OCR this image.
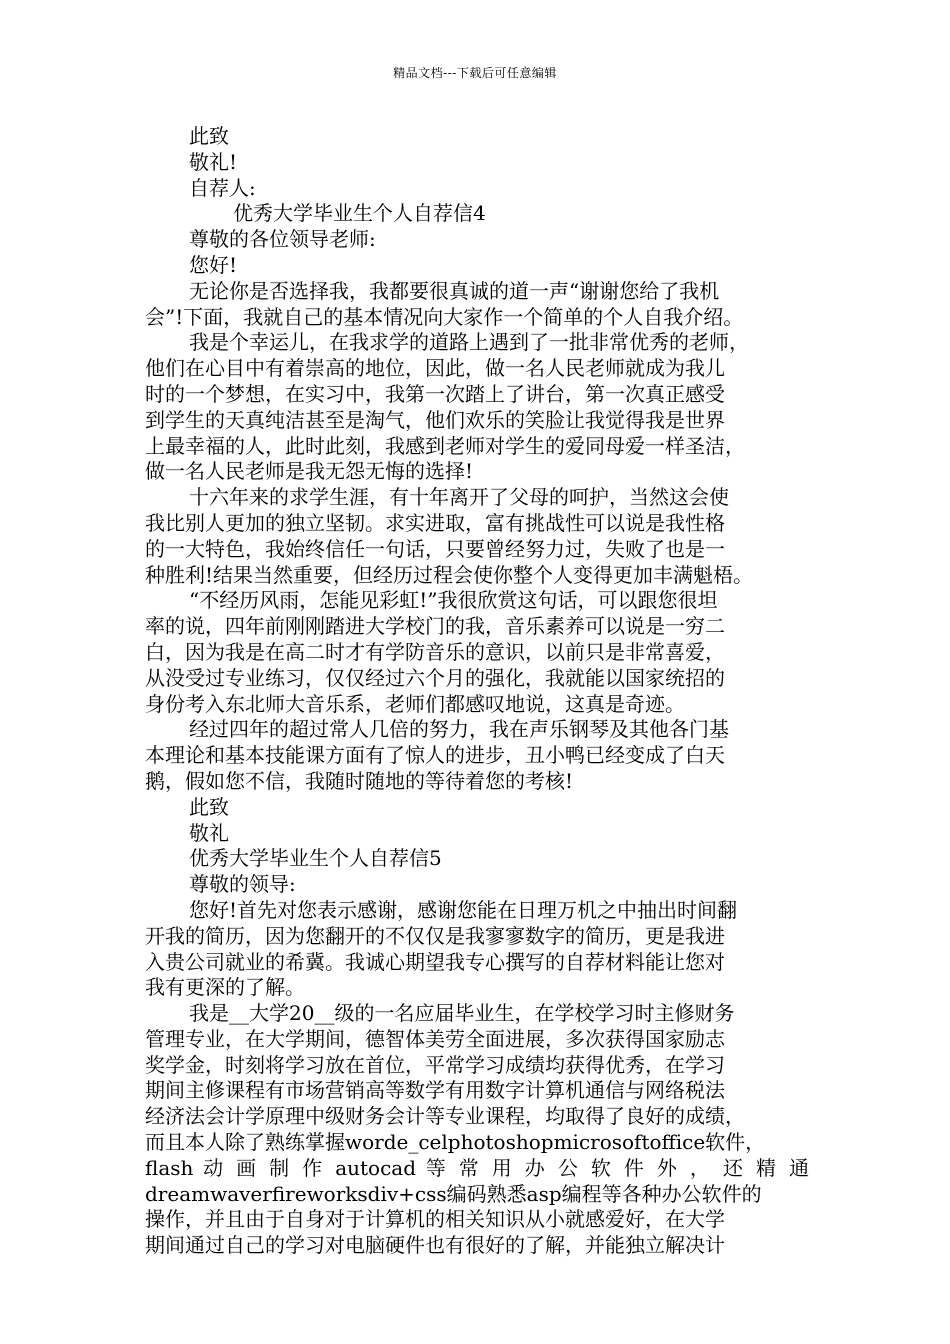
精品文档---下载后可任意编辑
此致
敬礼!
自荐人:
优秀大学毕业生个人自荐信4
尊敬的各位领导老师:
您好!
无论你是否选择我，我都要很真诚的道一声“谢谢您给了我机
会”!下面，我就自己的基本情况向大家作一个简单的个人自我介绍。
我是个幸运儿，在我求学的道路上遇到了一批非常优秀的老师，
他们在心目中有着崇高的地位，因此，做一名人民老师就成为我儿
时的一个梦想，在实习中，我第一次踏上了讲台，第一次真正感受
到学生的天真纯洁甚至是淘气，他们欢乐的笑脸让我觉得我是世界
上最幸福的人，此时此刻，我感到老师对学生的爱同母爱一样圣洁，
做一名人民老师是我无怨无悔的选择!
十六年来的求学生涯，有十年离开了父母的呵护，当然这会使
我比别人更加的独立坚韧。求实进取，富有挑战性可以说是我性格
的一大特色，我始终信任一句话，只要曾经努力过，失败了也是一
种胜利!结果当然重要，但经历过程会使你整个人变得更加丰满魁梧。
“不经历风雨，怎能见彩虹!”我很欣赏这句话，可以跟您很坦
率的说，四年前刚刚踏进大学校门的我，音乐素养可以说是一穷二
白，因为我是在高二时才有学防音乐的意识，以前只是非常喜爱，
从没受过专业练习，仅仅经过六个月的强化，我就能以国家统招的
身份考入东北师大音乐系，老师们都感叹地说，这真是奇迹。
经过四年的超过常人几倍的努力，我在声乐钢琴及其他各门基
本理论和基本技能课方面有了惊人的进步，丑小鸭已经变成了白天
鹅，假如您不信，我随时随地的等待着您的考核!
此致
敬礼
优秀大学毕业生个人自荐信5
尊敬的领导:
您好!首先对您表示感谢，感谢您能在日理万机之中抽出时间翻
开我的简历，因为您翻开的不仅仅是我寥寥数字的简历，更是我进
入贵公司就业的希冀。我诚心期望我专心撰写的自荐材料能让您对
我有更深的了解。
我是__大学20__级的一名应届毕业生，在学校学习时主修财务
管理专业，在大学期间，德智体美劳全面进展，多次获得国家励志
奖学金，时刻将学习放在首位，平常学习成绩均获得优秀，在学习
期间主修课程有市场营销高等数学有用数字计算机通信与网络税法
经济法会计学原理中级财务会计等专业课程，均取得了良好的成绩，
而且本人除了熟练掌握worde_celphotoshopmicrosoftoffice软件，
flash 动 画 制 作 autocad 等 常 用 办 公 软 件 外 ， 还 精 通
dreamwaverfireworksdiv+css编码熟悉asp编程等各种办公软件的
操作，并且由于自身对于计算机的相关知识从小就感爱好，在大学
期间通过自己的学习对电脑硬件也有很好的了解，并能独立解决计
